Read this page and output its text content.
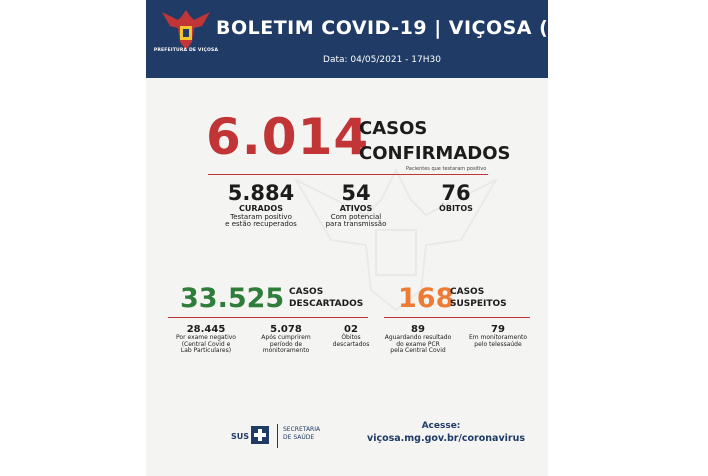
PREFEITURA DE VIÇOSA
BOLETIM COVID-19 | VIÇOSA (MG)
Data: 04/05/2021 - 17H30
6.014
CASOS
CONFIRMADOS
Pacientes que testaram positivo
5.884
CURADOS
Testaram positivo
e estão recuperados
54
ATIVOS
Com potencial
para transmissão
76
ÓBITOS
33.525 CASOS
DESCARTADOS 168
CASOS
SUSPEITOS
28.445
Por exame negativo
(Central Covid e
Lab Particulares)
5.078
Após cumprirem
período de
monitoramento
02
Óbitos
descartados
89
Aguardando resultado
do exame PCR
pela Central Covid
79
Em monitoramento
pelo telessaúde
SUS
SECRETARIA
DE SAÚDE
Acesse:
viçosa.mg.gov.br/coronavirus
